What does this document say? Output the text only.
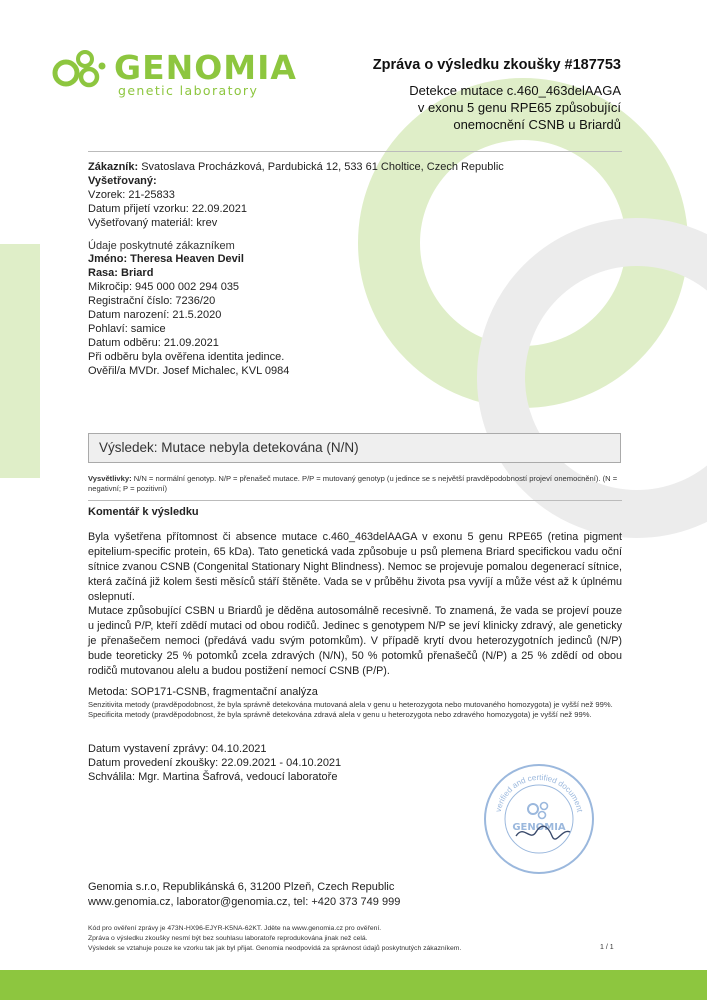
GENOMIA
genetic laboratory
Zpráva o výsledku zkoušky #187753
Detekce mutace c.460_463delAAGA
v exonu 5 genu RPE65 způsobující
onemocnění CSNB u Briardů
Zákazník: Svatoslava Procházková, Pardubická 12, 533 61 Choltice, Czech Republic
Vyšetřovaný:
Vzorek: 21-25833
Datum přijetí vzorku: 22.09.2021
Vyšetřovaný materiál: krev
Údaje poskytnuté zákazníkem
Jméno: Theresa Heaven Devil
Rasa: Briard
Mikročip: 945 000 002 294 035
Registrační číslo: 7236/20
Datum narození: 21.5.2020
Pohlaví: samice
Datum odběru: 21.09.2021
Při odběru byla ověřena identita jedince.
Ověřil/a MVDr. Josef Michalec, KVL 0984
Výsledek: Mutace nebyla detekována (N/N)
Vysvětlivky: N/N = normální genotyp. N/P = přenašeč mutace. P/P = mutovaný genotyp (u jedince se s největší pravděpodobností projeví onemocnění). (N = negativní; P = pozitivní)
Komentář k výsledku
Byla vyšetřena přítomnost či absence mutace c.460_463delAAGA v exonu 5 genu RPE65 (retina pigment epitelium-specific protein, 65 kDa). Tato genetická vada způsobuje u psů plemena Briard specifickou vadu oční sítnice zvanou CSNB (Congenital Stationary Night Blindness). Nemoc se projevuje pomalou degenerací sítnice, která začíná již kolem šesti měsíců stáří štěněte. Vada se v průběhu života psa vyvíjí a může vést až k úplnému oslepnutí.
Mutace způsobující CSBN u Briardů je děděna autosomálně recesivně. To znamená, že vada se projeví pouze u jedinců P/P, kteří zdědí mutaci od obou rodičů. Jedinec s genotypem N/P se jeví klinicky zdravý, ale geneticky je přenašečem nemoci (předává vadu svým potomkům). V případě krytí dvou heterozygotních jedinců (N/P) bude teoreticky 25 % potomků zcela zdravých (N/N), 50 % potomků přenašečů (N/P) a 25 % zdědí od obou rodičů mutovanou alelu a budou postižení nemocí CSNB (P/P).
Metoda: SOP171-CSNB, fragmentační analýza
Senzitivita metody (pravděpodobnost, že byla správně detekována mutovaná alela v genu u heterozygota nebo mutovaného homozygota) je vyšší než 99%. Specificita metody (pravděpodobnost, že byla správně detekována zdravá alela v genu u heterozygota nebo zdravého homozygota) je vyšší než 99%.
Datum vystavení zprávy: 04.10.2021
Datum provedení zkoušky: 22.09.2021 - 04.10.2021
Schválila: Mgr. Martina Šafrová, vedoucí laboratoře
verified and certified document
GENOMIA
Genomia s.r.o, Republikánská 6, 31200 Plzeň, Czech Republic
www.genomia.cz, laborator@genomia.cz, tel: +420 373 749 999
Kód pro ověření zprávy je 473N-HX96-EJYR-K5NA-62KT. Jděte na www.genomia.cz pro ověření.
Zpráva o výsledku zkoušky nesmí být bez souhlasu laboratoře reprodukována jinak než celá.
Výsledek se vztahuje pouze ke vzorku tak jak byl přijat. Genomia neodpovídá za správnost údajů poskytnutých zákazníkem.	1 / 1
